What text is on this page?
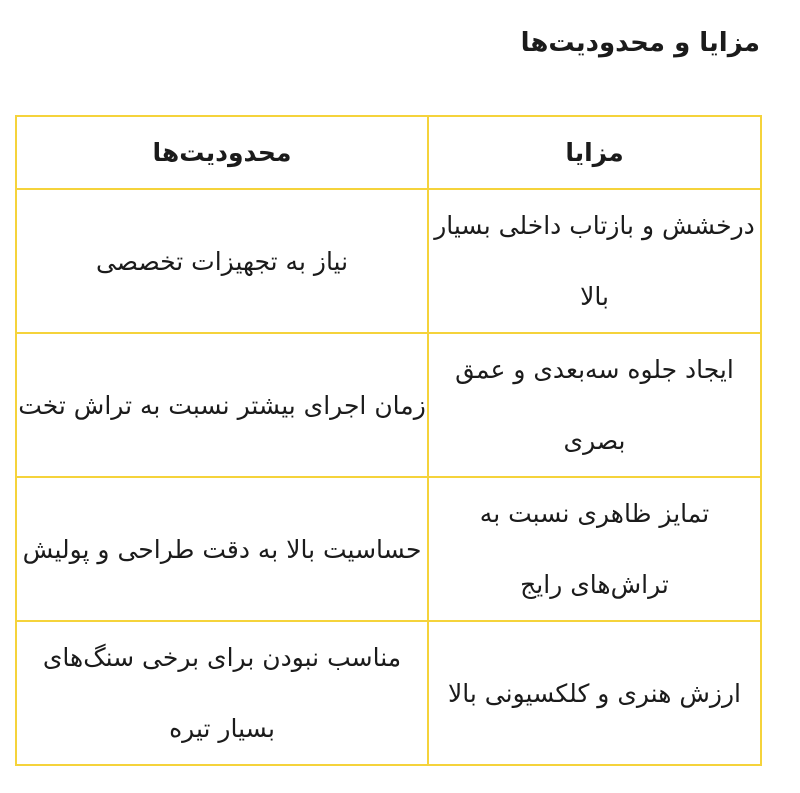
مزایا و محدودیت‌ها
مزایا	محدودیت‌ها
درخشش و بازتاب داخلی بسیار بالا	نیاز به تجهیزات تخصصی
ایجاد جلوه سه‌بعدی و عمق بصری	زمان اجرای بیشتر نسبت به تراش تخت
تمایز ظاهری نسبت به تراش‌های رایج	حساسیت بالا به دقت طراحی و پولیش
ارزش هنری و کلکسیونی بالا	مناسب نبودن برای برخی سنگ‌های بسیار تیره
